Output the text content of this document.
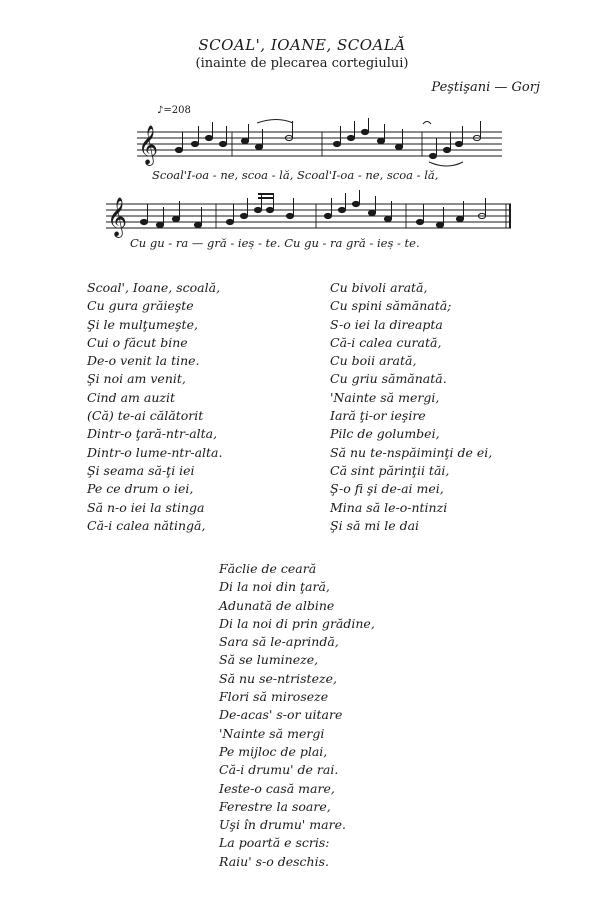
SCOAL', IOANE, SCOALĂ
(inainte de plecarea cortegiului)
Peştişani — Gorj
♪=208
𝄞
Scoal'I-oa - ne, scoa - lă, Scoal'I-oa - ne, scoa - lă,
𝄞
Cu gu - ra — gră - ieș - te. Cu gu - ra gră - ieș - te.
Scoal', Ioane, scoală,
Cu gura grăieşte
Şi le mulţumeşte,
Cui o făcut bine
De-o venit la tine.
Şi noi am venit,
Cind am auzit
(Că) te-ai călătorit
Dintr-o ţară-ntr-alta,
Dintr-o lume-ntr-alta.
Şi seama să-ţi iei
Pe ce drum o iei,
Să n-o iei la stinga
Că-i calea nătingă,
Cu bivoli arată,
Cu spini sămănată;
S-o iei la direapta
Că-i calea curată,
Cu boii arată,
Cu griu sămănată.
'Nainte să mergi,
Iară ţi-or ieşire
Pilc de golumbei,
Să nu te-nspăiminţi de ei,
Că sint părinţii tăi,
Ş-o fi şi de-ai mei,
Mina să le-o-ntinzi
Şi să mi le dai
Făclie de ceară
Di la noi din ţară,
Adunată de albine
Di la noi di prin grădine,
Sara să le-aprindă,
Să se lumineze,
Să nu se-ntristeze,
Flori să miroseze
De-acas' s-or uitare
'Nainte să mergi
Pe mijloc de plai,
Că-i drumu' de rai.
Ieste-o casă mare,
Ferestre la soare,
Uşi în drumu' mare.
La poartă e scris:
Raiu' s-o deschis.
